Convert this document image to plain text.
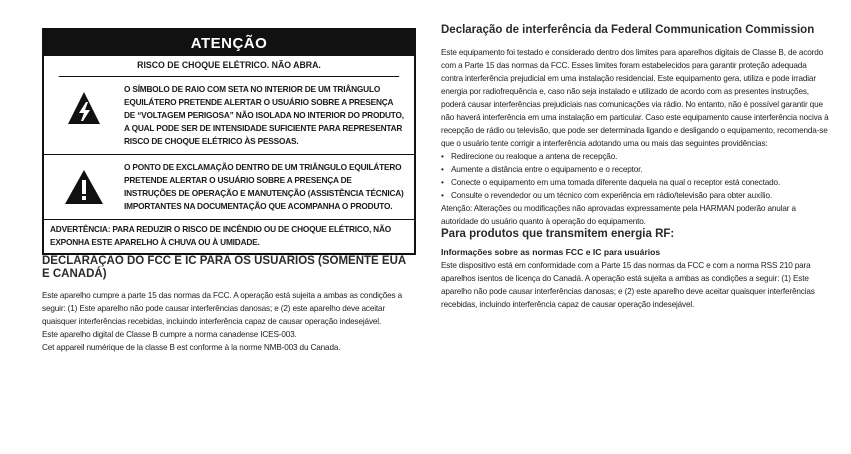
ATENÇÃO
RISCO DE CHOQUE ELÉTRICO. NÃO ABRA.
O SÍMBOLO DE RAIO COM SETA NO INTERIOR DE UM TRIÂNGULO EQUILÁTERO PRETENDE ALERTAR O USUÁRIO SOBRE A PRESENÇA DE “VOLTAGEM PERIGOSA” NÃO ISOLADA NO INTERIOR DO PRODUTO, A QUAL PODE SER DE INTENSIDADE SUFICIENTE PARA REPRESENTAR RISCO DE CHOQUE ELÉTRICO ÀS PESSOAS.
O PONTO DE EXCLAMAÇÃO DENTRO DE UM TRIÂNGULO EQUILÁTERO PRETENDE ALERTAR O USUÁRIO SOBRE A PRESENÇA DE INSTRUÇÕES DE OPERAÇÃO E MANUTENÇÃO (ASSISTÊNCIA TÉCNICA) IMPORTANTES NA DOCUMENTAÇÃO QUE ACOMPANHA O PRODUTO.
ADVERTÊNCIA: PARA REDUZIR O RISCO DE INCÊNDIO OU DE CHOQUE ELÉTRICO, NÃO EXPONHA ESTE APARELHO À CHUVA OU À UMIDADE.
DECLARAÇÃO DO FCC E IC PARA OS USUÁRIOS (SOMENTE EUA E CANADÁ)

Este aparelho cumpre a parte 15 das normas da FCC. A operação está sujeita a ambas as condições a seguir: (1) Este aparelho não pode causar interferências danosas; e (2) este aparelho deve aceitar quaisquer interferências recebidas, incluindo interferência capaz de causar operação indesejável.

Este aparelho digital de Classe B cumpre a norma canadense ICES-003.

Cet appareil numérique de la classe B est conforme à la norme NMB-003 du Canada.

Declaração de interferência da Federal Communication Commission

Este equipamento foi testado e considerado dentro dos limites para aparelhos digitais de Classe B, de acordo com a Parte 15 das normas da FCC. Esses limites foram estabelecidos para garantir proteção adequada contra interferência prejudicial em uma instalação residencial. Este equipamento gera, utiliza e pode irradiar energia por radiofrequência e, caso não seja instalado e utilizado de acordo com as presentes instruções, poderá causar interferências prejudiciais nas comunicações via rádio. No entanto, não é possível garantir que não haverá interferência em uma instalação em particular. Caso este equipamento cause interferência nociva à recepção de rádio ou televisão, que pode ser determinada ligando e desligando o equipamento, recomenda-se que o usuário tente corrigir a interferência adotando uma ou mais das seguintes providências:

• Redirecione ou realoque a antena de recepção.
• Aumente a distância entre o equipamento e o receptor.
• Conecte o equipamento em uma tomada diferente daquela na qual o receptor está conectado.
• Consulte o revendedor ou um técnico com experiência em rádio/televisão para obter auxílio.

Atenção: Alterações ou modificações não aprovadas expressamente pela HARMAN poderão anular a autoridade do usuário quanto à operação do equipamento.

Para produtos que transmitem energia RF:
Informações sobre as normas FCC e IC para usuários

Este dispositivo está em conformidade com a Parte 15 das normas da FCC e com a norma RSS 210 para aparelhos isentos de licença do Canadá. A operação está sujeita a ambas as condições a seguir: (1) Este aparelho não pode causar interferências danosas; e (2) este aparelho deve aceitar quaisquer interferências recebidas, incluindo interferência capaz de causar operação indesejável.
